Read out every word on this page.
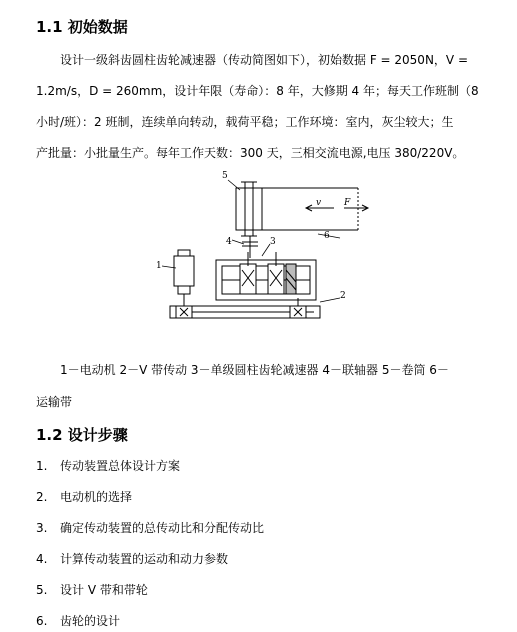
1.1 初始数据
设计一级斜齿圆柱齿轮减速器（传动简图如下），初始数据 F = 2050N，V =
1.2m/s，D = 260mm，设计年限（寿命）：8 年，大修期 4 年；每天工作班制（8
小时/班）：2 班制，连续单向转动，载荷平稳；工作环境：室内，灰尘较大；生
产批量：小批量生产。每年工作天数：300 天，三相交流电源,电压 380/220V。
5
v	F
6
4	3
1
2
1－电动机 2－V 带传动 3－单级圆柱齿轮减速器 4－联轴器 5－卷筒 6－
运输带
1.2 设计步骤
1. 传动装置总体设计方案
2. 电动机的选择
3. 确定传动装置的总传动比和分配传动比
4. 计算传动装置的运动和动力参数
5. 设计 V 带和带轮
6. 齿轮的设计
